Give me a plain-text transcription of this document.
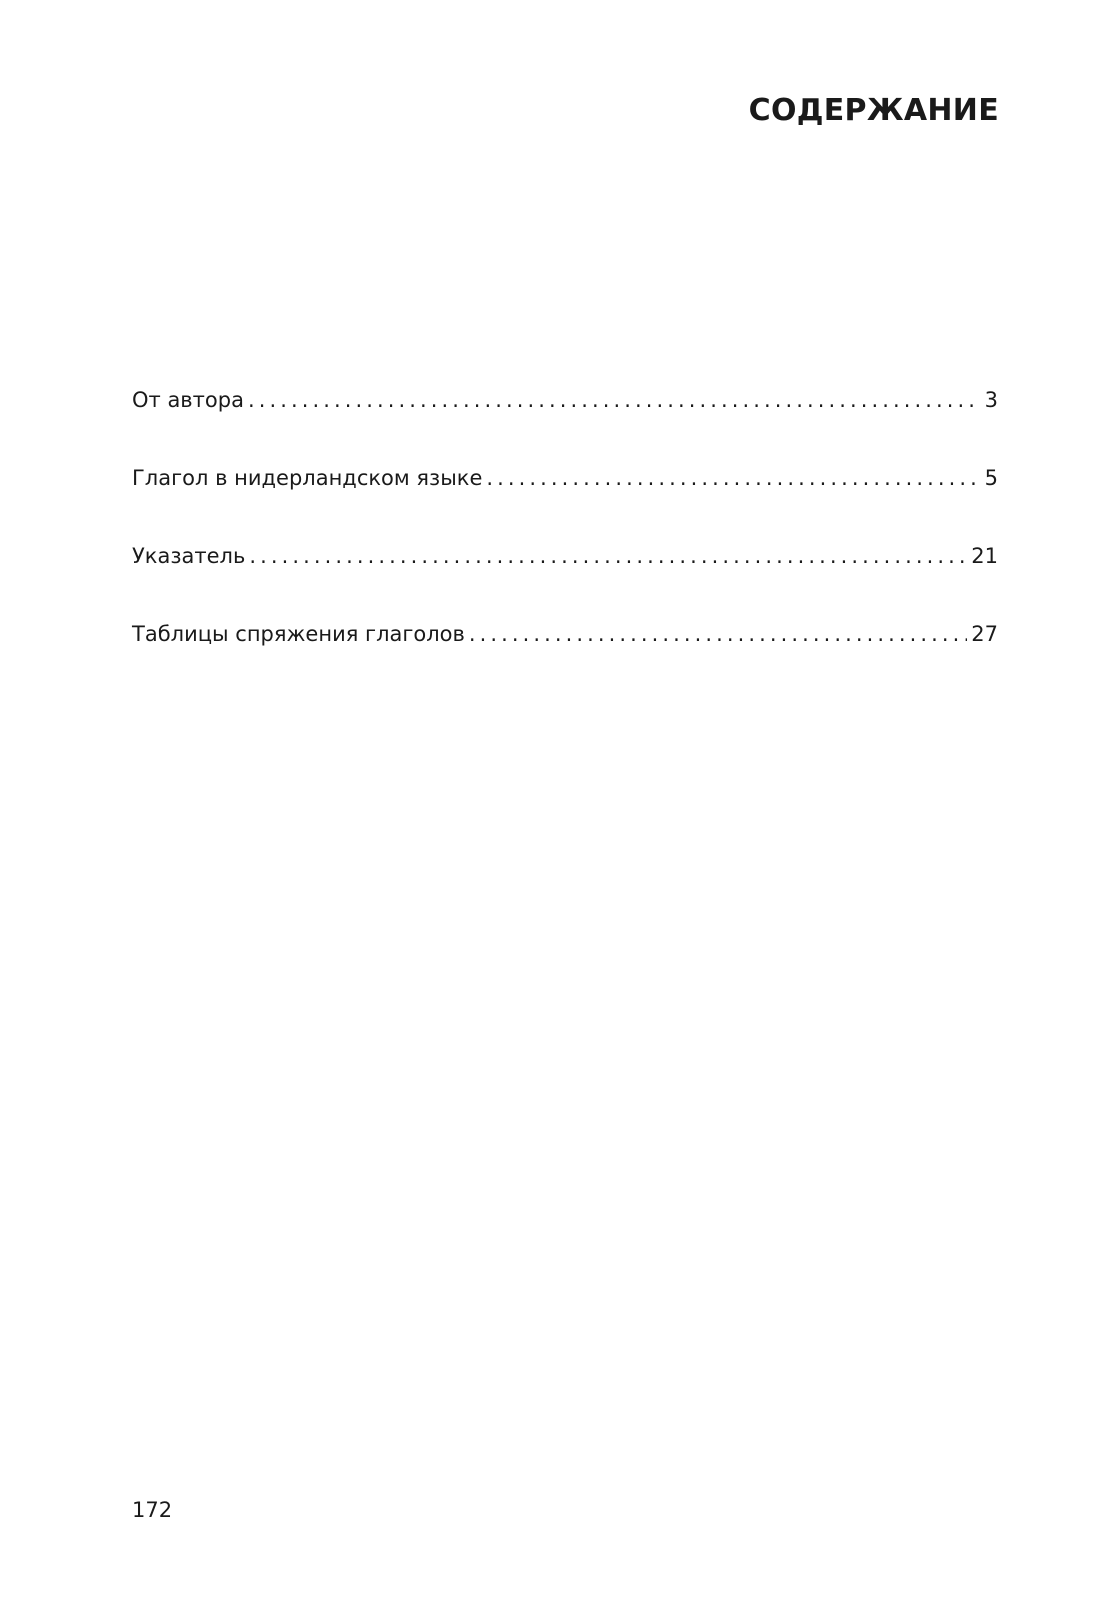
СОДЕРЖАНИЕ
От автора . . .	3
Глагол в нидерландском языке . . .	5
Указатель . . .	21
Таблицы спряжения глаголов . . .	27
172
